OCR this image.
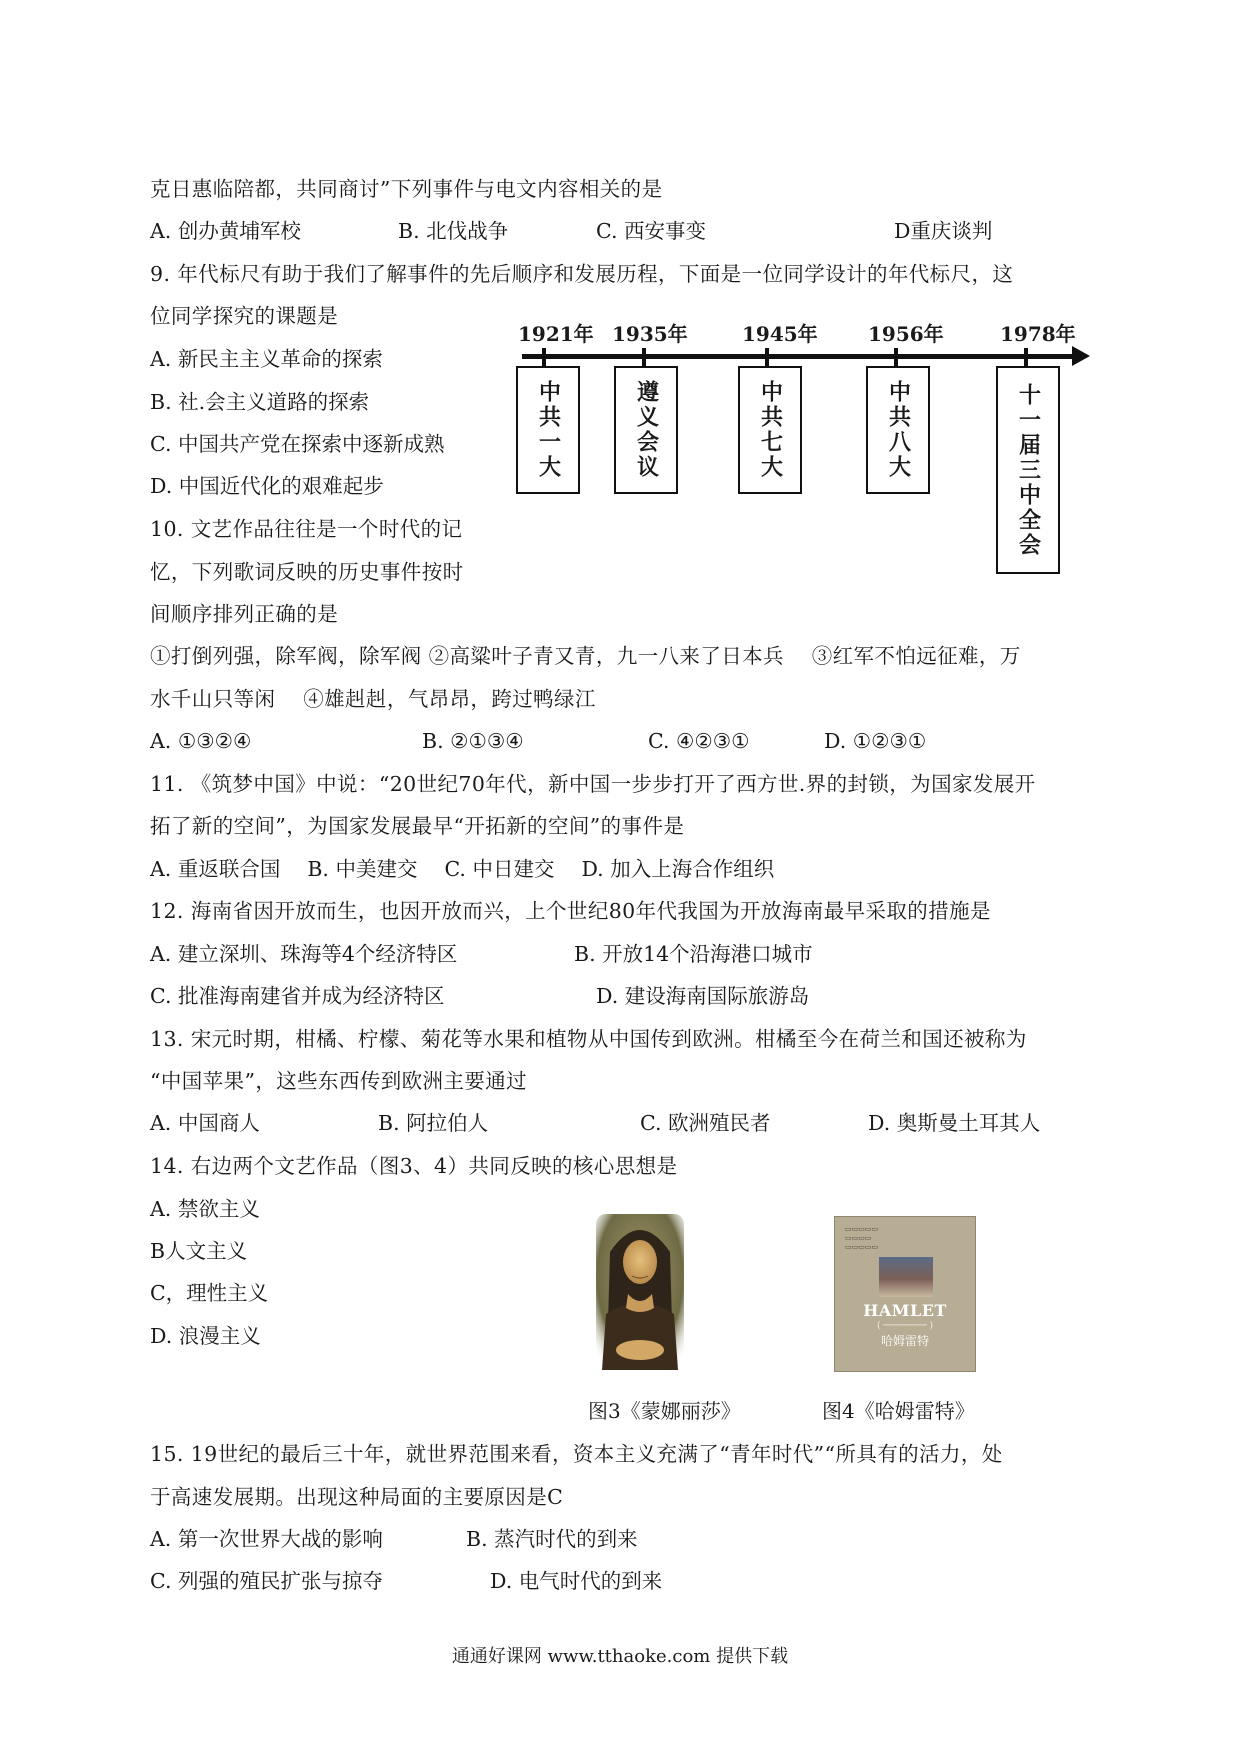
克日惠临陪都，共同商讨”下列事件与电文内容相关的是
A. 创办黄埔军校	B. 北伐战争	C. 西安事变	D重庆谈判
9. 年代标尺有助于我们了解事件的先后顺序和发展历程，下面是一位同学设计的年代标尺，这
位同学探究的课题是
A. 新民主主义革命的探索
B. 社.会主义道路的探索
C. 中国共产党在探索中逐新成熟
D. 中国近代化的艰难起步
1921年 1935年	1945年	1956年	1978年
中共一大	遵义会议	中共七大	中共八大	十一届三中全会
10. 文艺作品往往是一个时代的记
忆，下列歌词反映的历史事件按时
间顺序排列正确的是
①打倒列强，除军阀，除军阀 ②高粱叶子青又青，九一八来了日本兵　 ③红军不怕远征难，万
水千山只等闲　 ④雄赳赳，气昂昂，跨过鸭绿江
A. ①③②④	B. ②①③④	C. ④②③①	D. ①②③①
11. 《筑梦中国》中说：“20世纪70年代，新中国一步步打开了西方世.界的封锁，为国家发展开
拓了新的空间”，为国家发展最早“开拓新的空间”的事件是
A. 重返联合国　 B. 中美建交　 C. 中日建交　 D. 加入上海合作组织
12. 海南省因开放而生，也因开放而兴，上个世纪80年代我国为开放海南最早采取的措施是
A. 建立深圳、珠海等4个经济特区	B. 开放14个沿海港口城市
C. 批准海南建省并成为经济特区	D. 建设海南国际旅游岛
13. 宋元时期，柑橘、柠檬、菊花等水果和植物从中国传到欧洲。柑橘至今在荷兰和国还被称为
“中国苹果”，这些东西传到欧洲主要通过
A. 中国商人	B. 阿拉伯人	C. 欧洲殖民者	D. 奥斯曼土耳其人
14. 右边两个文艺作品（图3、4）共同反映的核心思想是
A. 禁欲主义
B人文主义
C，理性主义
D. 浪漫主义
▭▭▭▭▭
▭▭▭▭
▭▭▭▭▭
HAMLET
( ──────── )
哈姆雷特
图3《蒙娜丽莎》	图4《哈姆雷特》
15. 19世纪的最后三十年，就世界范围来看，资本主义充满了“青年时代”“所具有的活力，处
于高速发展期。出现这种局面的主要原因是C
A. 第一次世界大战的影响	B. 蒸汽时代的到来
C. 列强的殖民扩张与掠夺	D. 电气时代的到来
通通好课网 www.tthaoke.com 提供下载
